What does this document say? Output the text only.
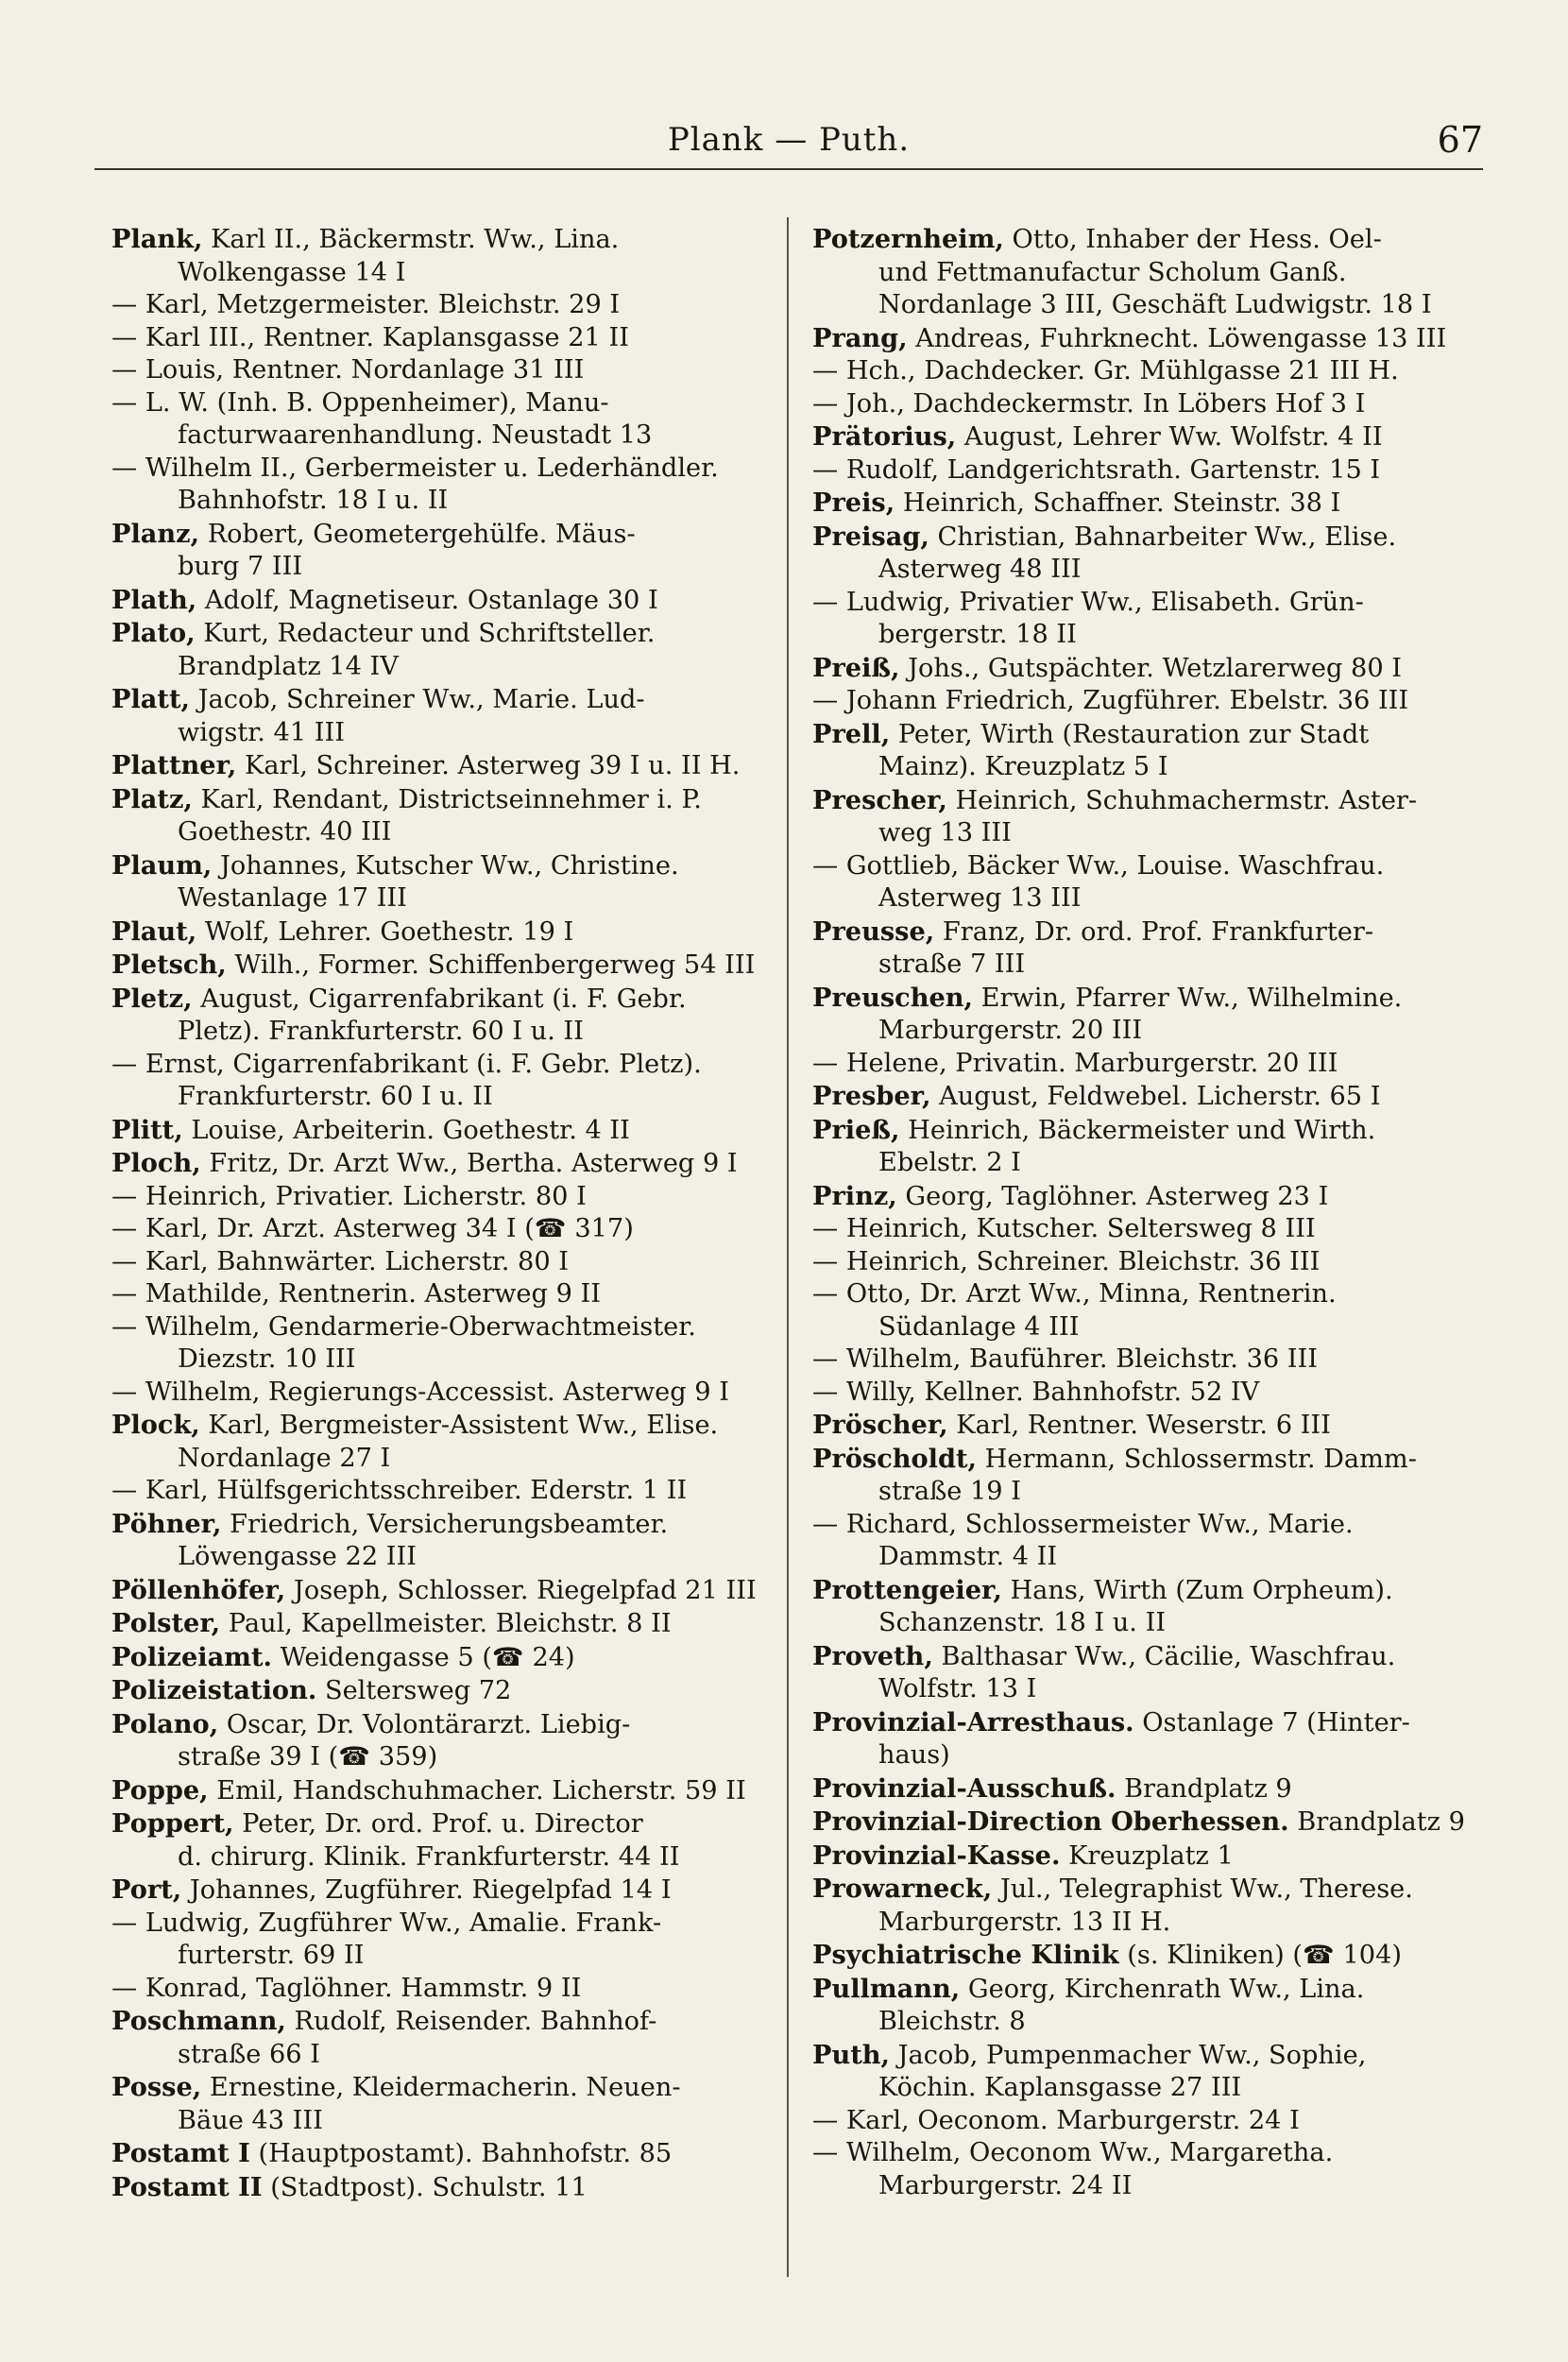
Plank — Puth.	67
Plank, Karl II., Bäckermstr. Ww., Lina.
Wolkengasse 14 I
— Karl, Metzgermeister. Bleichstr. 29 I
— Karl III., Rentner. Kaplansgasse 21 II
— Louis, Rentner. Nordanlage 31 III
— L. W. (Inh. B. Oppenheimer), Manu-
facturwaarenhandlung. Neustadt 13
— Wilhelm II., Gerbermeister u. Lederhändler.
Bahnhofstr. 18 I u. II
Planz, Robert, Geometergehülfe. Mäus-
burg 7 III
Plath, Adolf, Magnetiseur. Ostanlage 30 I
Plato, Kurt, Redacteur und Schriftsteller.
Brandplatz 14 IV
Platt, Jacob, Schreiner Ww., Marie. Lud-
wigstr. 41 III
Plattner, Karl, Schreiner. Asterweg 39 I u. II H.
Platz, Karl, Rendant, Districtseinnehmer i. P.
Goethestr. 40 III
Plaum, Johannes, Kutscher Ww., Christine.
Westanlage 17 III
Plaut, Wolf, Lehrer. Goethestr. 19 I
Pletsch, Wilh., Former. Schiffenbergerweg 54 III
Pletz, August, Cigarrenfabrikant (i. F. Gebr.
Pletz). Frankfurterstr. 60 I u. II
— Ernst, Cigarrenfabrikant (i. F. Gebr. Pletz).
Frankfurterstr. 60 I u. II
Plitt, Louise, Arbeiterin. Goethestr. 4 II
Ploch, Fritz, Dr. Arzt Ww., Bertha. Asterweg 9 I
— Heinrich, Privatier. Licherstr. 80 I
— Karl, Dr. Arzt. Asterweg 34 I (☎ 317)
— Karl, Bahnwärter. Licherstr. 80 I
— Mathilde, Rentnerin. Asterweg 9 II
— Wilhelm, Gendarmerie-Oberwachtmeister.
Diezstr. 10 III
— Wilhelm, Regierungs-Accessist. Asterweg 9 I
Plock, Karl, Bergmeister-Assistent Ww., Elise.
Nordanlage 27 I
— Karl, Hülfsgerichtsschreiber. Ederstr. 1 II
Pöhner, Friedrich, Versicherungsbeamter.
Löwengasse 22 III
Pöllenhöfer, Joseph, Schlosser. Riegelpfad 21 III
Polster, Paul, Kapellmeister. Bleichstr. 8 II
Polizeiamt. Weidengasse 5 (☎ 24)
Polizeistation. Seltersweg 72
Polano, Oscar, Dr. Volontärarzt. Liebig-
straße 39 I (☎ 359)
Poppe, Emil, Handschuhmacher. Licherstr. 59 II
Poppert, Peter, Dr. ord. Prof. u. Director
d. chirurg. Klinik. Frankfurterstr. 44 II
Port, Johannes, Zugführer. Riegelpfad 14 I
— Ludwig, Zugführer Ww., Amalie. Frank-
furterstr. 69 II
— Konrad, Taglöhner. Hammstr. 9 II
Poschmann, Rudolf, Reisender. Bahnhof-
straße 66 I
Posse, Ernestine, Kleidermacherin. Neuen-
Bäue 43 III
Postamt I (Hauptpostamt). Bahnhofstr. 85
Postamt II (Stadtpost). Schulstr. 11
Potzernheim, Otto, Inhaber der Hess. Oel-
und Fettmanufactur Scholum Ganß.
Nordanlage 3 III, Geschäft Ludwigstr. 18 I
Prang, Andreas, Fuhrknecht. Löwengasse 13 III
— Hch., Dachdecker. Gr. Mühlgasse 21 III H.
— Joh., Dachdeckermstr. In Löbers Hof 3 I
Prätorius, August, Lehrer Ww. Wolfstr. 4 II
— Rudolf, Landgerichtsrath. Gartenstr. 15 I
Preis, Heinrich, Schaffner. Steinstr. 38 I
Preisag, Christian, Bahnarbeiter Ww., Elise.
Asterweg 48 III
— Ludwig, Privatier Ww., Elisabeth. Grün-
bergerstr. 18 II
Preiß, Johs., Gutspächter. Wetzlarerweg 80 I
— Johann Friedrich, Zugführer. Ebelstr. 36 III
Prell, Peter, Wirth (Restauration zur Stadt
Mainz). Kreuzplatz 5 I
Prescher, Heinrich, Schuhmachermstr. Aster-
weg 13 III
— Gottlieb, Bäcker Ww., Louise. Waschfrau.
Asterweg 13 III
Preusse, Franz, Dr. ord. Prof. Frankfurter-
straße 7 III
Preuschen, Erwin, Pfarrer Ww., Wilhelmine.
Marburgerstr. 20 III
— Helene, Privatin. Marburgerstr. 20 III
Presber, August, Feldwebel. Licherstr. 65 I
Prieß, Heinrich, Bäckermeister und Wirth.
Ebelstr. 2 I
Prinz, Georg, Taglöhner. Asterweg 23 I
— Heinrich, Kutscher. Seltersweg 8 III
— Heinrich, Schreiner. Bleichstr. 36 III
— Otto, Dr. Arzt Ww., Minna, Rentnerin.
Südanlage 4 III
— Wilhelm, Bauführer. Bleichstr. 36 III
— Willy, Kellner. Bahnhofstr. 52 IV
Pröscher, Karl, Rentner. Weserstr. 6 III
Pröscholdt, Hermann, Schlossermstr. Damm-
straße 19 I
— Richard, Schlossermeister Ww., Marie.
Dammstr. 4 II
Prottengeier, Hans, Wirth (Zum Orpheum).
Schanzenstr. 18 I u. II
Proveth, Balthasar Ww., Cäcilie, Waschfrau.
Wolfstr. 13 I
Provinzial-Arresthaus. Ostanlage 7 (Hinter-
haus)
Provinzial-Ausschuß. Brandplatz 9
Provinzial-Direction Oberhessen. Brandplatz 9
Provinzial-Kasse. Kreuzplatz 1
Prowarneck, Jul., Telegraphist Ww., Therese.
Marburgerstr. 13 II H.
Psychiatrische Klinik (s. Kliniken) (☎ 104)
Pullmann, Georg, Kirchenrath Ww., Lina.
Bleichstr. 8
Puth, Jacob, Pumpenmacher Ww., Sophie,
Köchin. Kaplansgasse 27 III
— Karl, Oeconom. Marburgerstr. 24 I
— Wilhelm, Oeconom Ww., Margaretha.
Marburgerstr. 24 II
